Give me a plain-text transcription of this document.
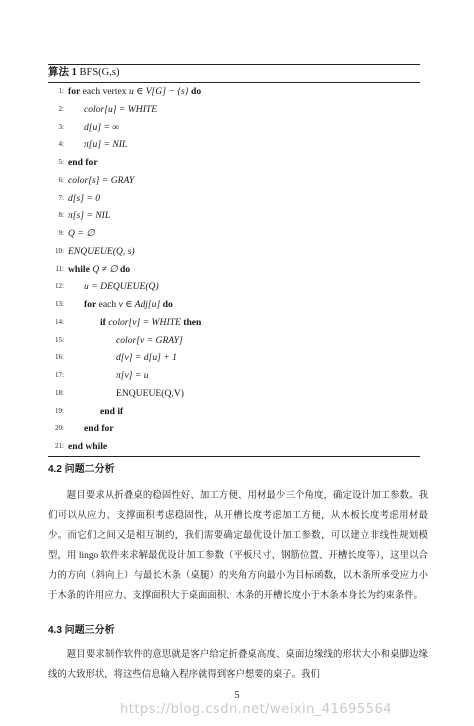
算法 1 BFS(G,s)
1: for each vertex u ∈ V[G] − {s} do
2: color[u] = WHITE
3: d[u] = ∞
4: π[u] = NIL
5: end for
6: color[s] = GRAY
7: d[s] = 0
8: π[s] = NIL
9: Q = ∅
10: ENQUEUE(Q, s)
11: while Q ≠ ∅ do
12: u = DEQUEUE(Q)
13: for each v ∈ Adj[u] do
14:	if color[v] = WHITE then
15:	color[v = GRAY]
16:	d[v] = d[u] + 1
17:	π[v] = u
18:	ENQUEUE(Q,V)
19:	end if
20: end for
21: end while
4.2 问题二分析

题目要求从折叠桌的稳固性好、加工方便、用材最少三个角度，确定设计加工参数。我们可以从应力、支撑面积考虑稳固性，从开槽长度考虑加工方便，从木板长度考虑用材最少。而它们之间又是相互制约，我们需要确定最优设计加工参数，可以建立非线性规划模型，用 lingo 软件来求解最优设计加工参数（平板尺寸、钢筋位置、开槽长度等），这里以合力的方向（斜向上）与最长木条（桌腿）的夹角方向最小为目标函数，以木条所承受应力小于木条的许用应力、支撑面积大于桌面面积、木条的开槽长度小于木条本身长为约束条件。

4.3 问题三分析

题目要求制作软件的意思就是客户给定折叠桌高度、桌面边缘线的形状大小和桌脚边缘线的大致形状，将这些信息输入程序就得到客户想要的桌子。我们

5
https://blog.csdn.net/weixin_41695564
